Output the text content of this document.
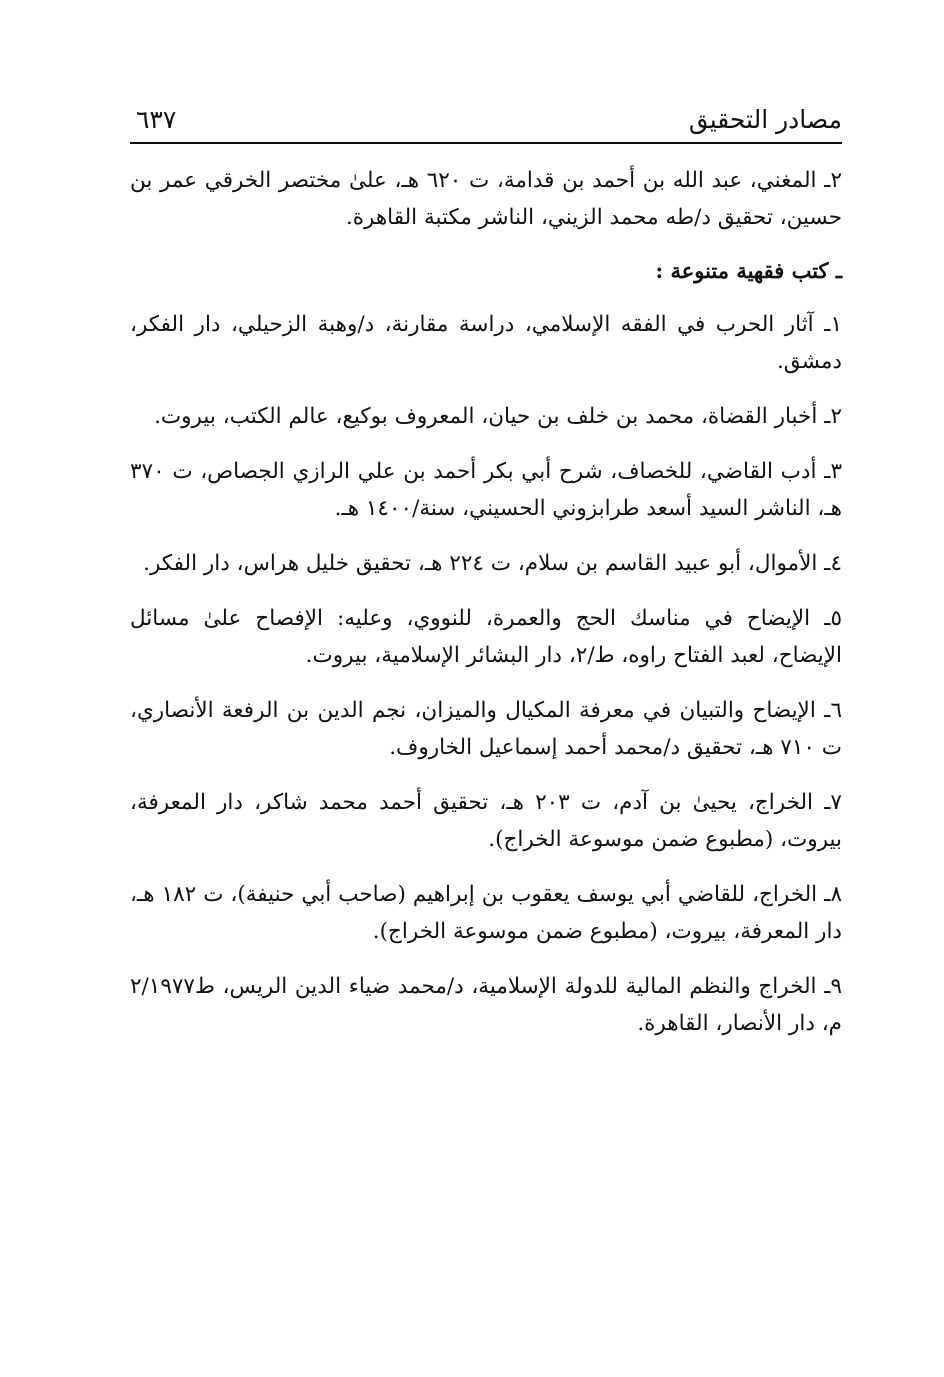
مصادر التحقيق
٦٣٧

٢ـ المغني، عبد الله بن أحمد بن قدامة، ت ٦٢٠ هـ، علىٰ مختصر الخرقي عمر بن حسين، تحقيق د/طه محمد الزيني، الناشر مكتبة القاهرة.

ـ كتب فقهية متنوعة :

١ـ آثار الحرب في الفقه الإسلامي، دراسة مقارنة، د/وهبة الزحيلي، دار الفكر، دمشق.

٢ـ أخبار القضاة، محمد بن خلف بن حيان، المعروف بوكيع، عالم الكتب، بيروت.

٣ـ أدب القاضي، للخصاف، شرح أبي بكر أحمد بن علي الرازي الجصاص، ت ٣٧٠ هـ، الناشر السيد أسعد طرابزوني الحسيني، سنة/١٤٠٠ هـ.

٤ـ الأموال، أبو عبيد القاسم بن سلام، ت ٢٢٤ هـ، تحقيق خليل هراس، دار الفكر.

٥ـ الإيضاح في مناسك الحج والعمرة، للنووي، وعليه: الإفصاح علىٰ مسائل الإيضاح، لعبد الفتاح راوه، ط/٢، دار البشائر الإسلامية، بيروت.

٦ـ الإيضاح والتبيان في معرفة المكيال والميزان، نجم الدين بن الرفعة الأنصاري، ت ٧١٠ هـ، تحقيق د/محمد أحمد إسماعيل الخاروف.

٧ـ الخراج، يحيىٰ بن آدم، ت ٢٠٣ هـ، تحقيق أحمد محمد شاكر، دار المعرفة، بيروت، (مطبوع ضمن موسوعة الخراج).

٨ـ الخراج، للقاضي أبي يوسف يعقوب بن إبراهيم (صاحب أبي حنيفة)، ت ١٨٢ هـ، دار المعرفة، بيروت، (مطبوع ضمن موسوعة الخراج).

٩ـ الخراج والنظم المالية للدولة الإسلامية، د/محمد ضياء الدين الريس، ط٢/١٩٧٧ م، دار الأنصار، القاهرة.
